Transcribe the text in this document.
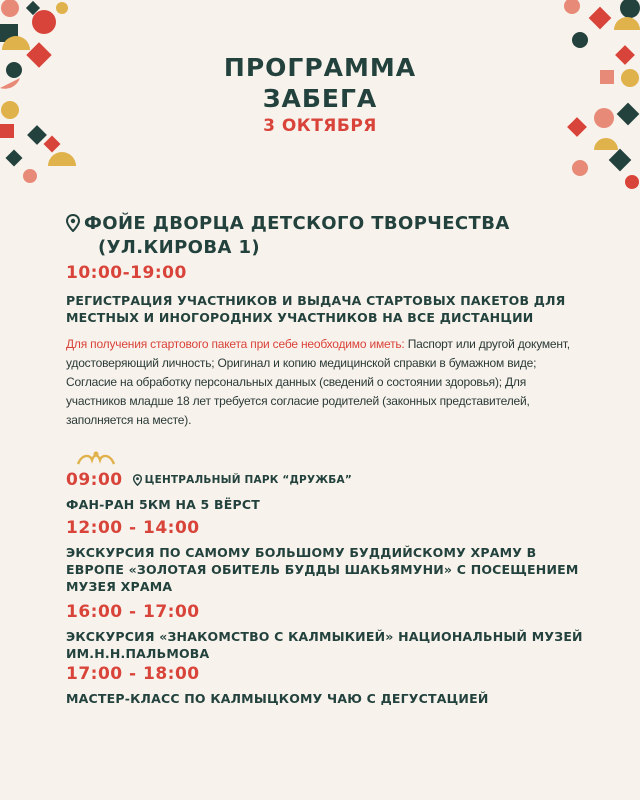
ПРОГРАММА
ЗАБЕГА
3 ОКТЯБРЯ
ФОЙЕ ДВОРЦА ДЕТСКОГО ТВОРЧЕСТВА
(УЛ.КИРОВА 1)
10:00-19:00
РЕГИСТРАЦИЯ УЧАСТНИКОВ И ВЫДАЧА СТАРТОВЫХ ПАКЕТОВ ДЛЯ МЕСТНЫХ И ИНОГОРОДНИХ УЧАСТНИКОВ НА ВСЕ ДИСТАНЦИИ
Для получения стартового пакета при себе необходимо иметь: Паспорт или другой документ, удостоверяющий личность; Оригинал и копию медицинской справки в бумажном виде; Согласие на обработку персональных данных (сведений о состоянии здоровья); Для участников младше 18 лет требуется согласие родителей (законных представителей, заполняется на месте).
09:00 ЦЕНТРАЛЬНЫЙ ПАРК “ДРУЖБА”
ФАН-РАН 5КМ НА 5 ВЁРСТ
12:00 - 14:00
ЭКСКУРСИЯ ПО САМОМУ БОЛЬШОМУ БУДДИЙСКОМУ ХРАМУ В ЕВРОПЕ «ЗОЛОТАЯ ОБИТЕЛЬ БУДДЫ ШАКЬЯМУНИ» С ПОСЕЩЕНИЕМ МУЗЕЯ ХРАМА
16:00 - 17:00
ЭКСКУРСИЯ «ЗНАКОМСТВО С КАЛМЫКИЕЙ» НАЦИОНАЛЬНЫЙ МУЗЕЙ ИМ.Н.Н.ПАЛЬМОВА
17:00 - 18:00
МАСТЕР-КЛАСС ПО КАЛМЫЦКОМУ ЧАЮ С ДЕГУСТАЦИЕЙ
